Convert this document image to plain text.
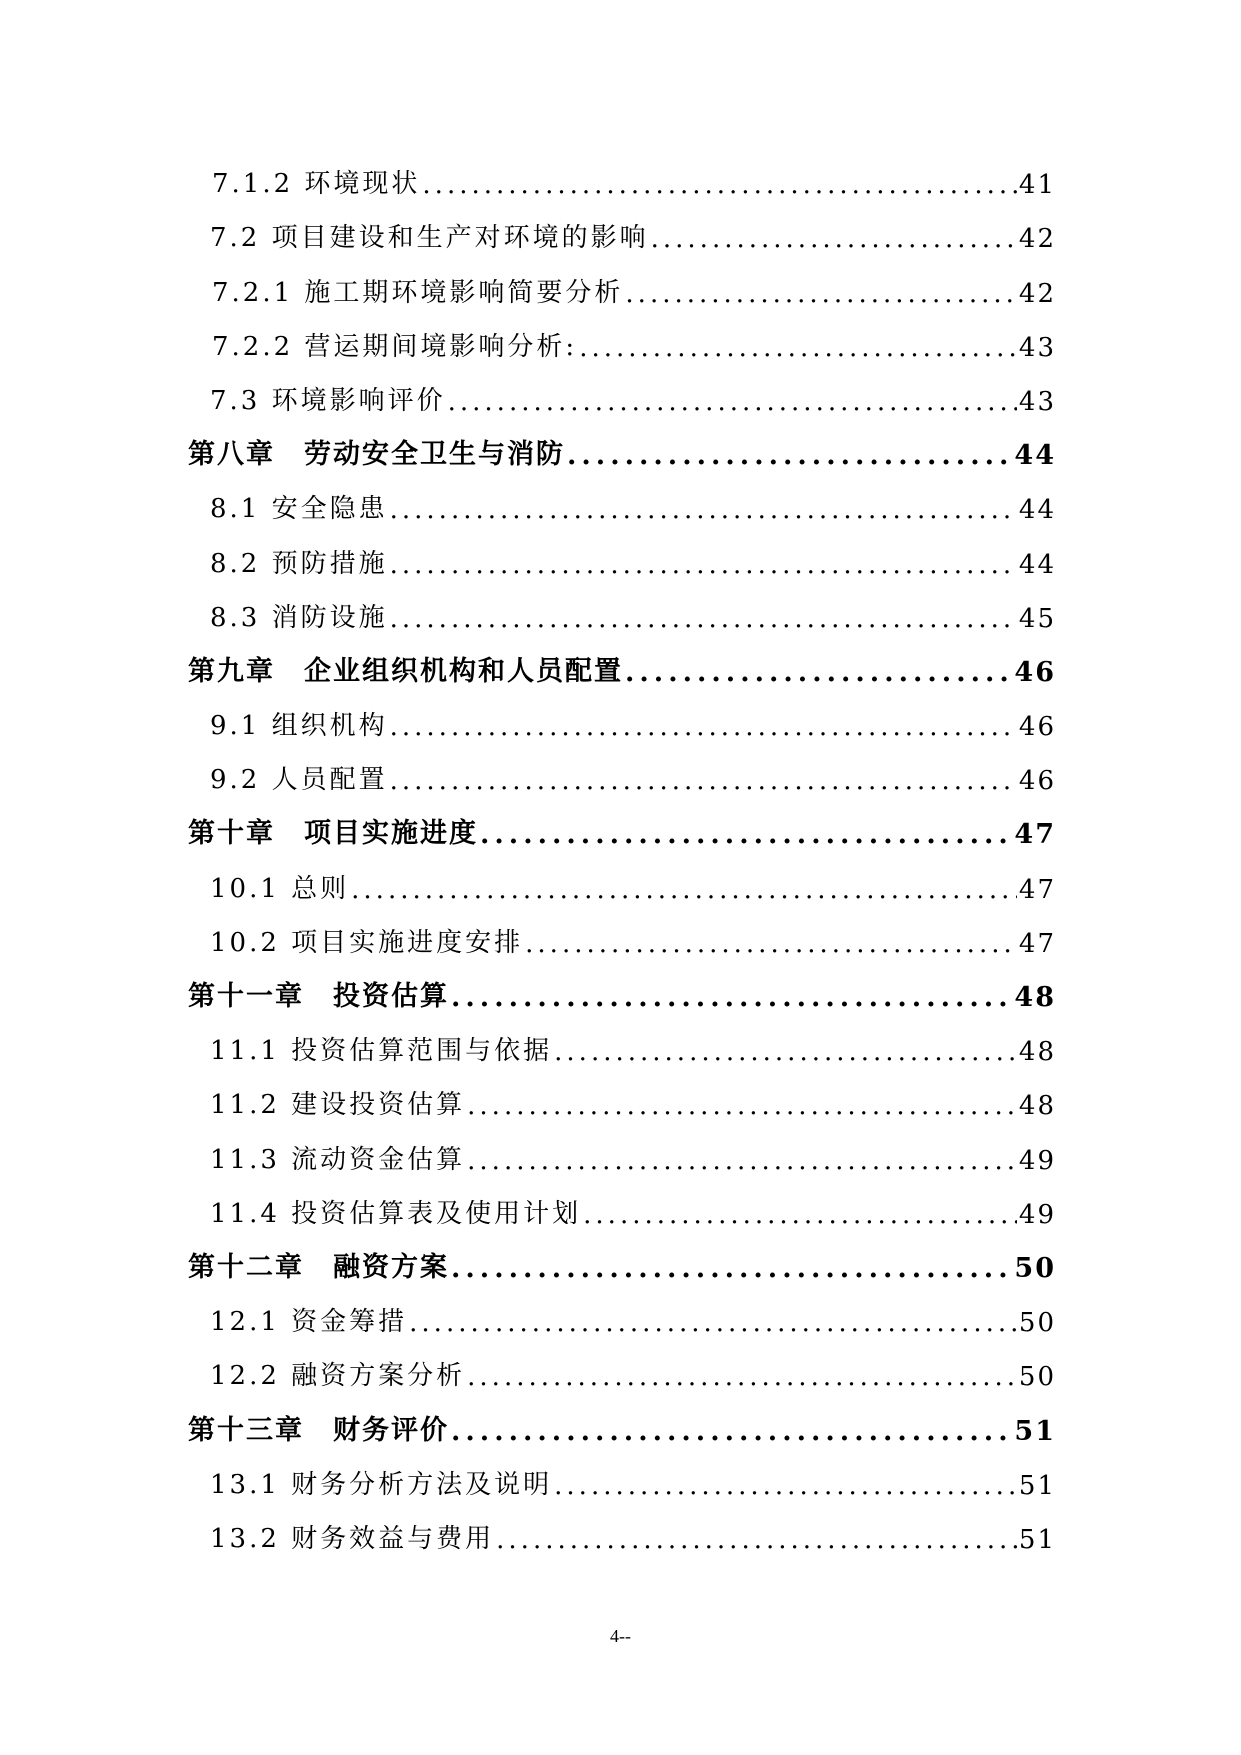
7.1.2 环境现状 .....	41
7.2 项目建设和生产对环境的影响 .....	42
7.2.1 施工期环境影响简要分析 .....	42
7.2.2 营运期间境影响分析: .....	43
7.3 环境影响评价 .....	43
第八章　劳动安全卫生与消防 .....	44
8.1 安全隐患 .....	44
8.2 预防措施 .....	44
8.3 消防设施 .....	45
第九章　企业组织机构和人员配置 .....	46
9.1 组织机构 .....	46
9.2 人员配置 .....	46
第十章　项目实施进度 .....	47
10.1 总则 .....	47
10.2 项目实施进度安排 .....	47
第十一章　投资估算 .....	48
11.1 投资估算范围与依据 .....	48
11.2 建设投资估算 .....	48
11.3 流动资金估算 .....	49
11.4 投资估算表及使用计划 .....	49
第十二章　融资方案 .....	50
12.1 资金筹措 .....	50
12.2 融资方案分析 .....	50
第十三章　财务评价 .....	51
13.1 财务分析方法及说明 .....	51
13.2 财务效益与费用 .....	51
4--
